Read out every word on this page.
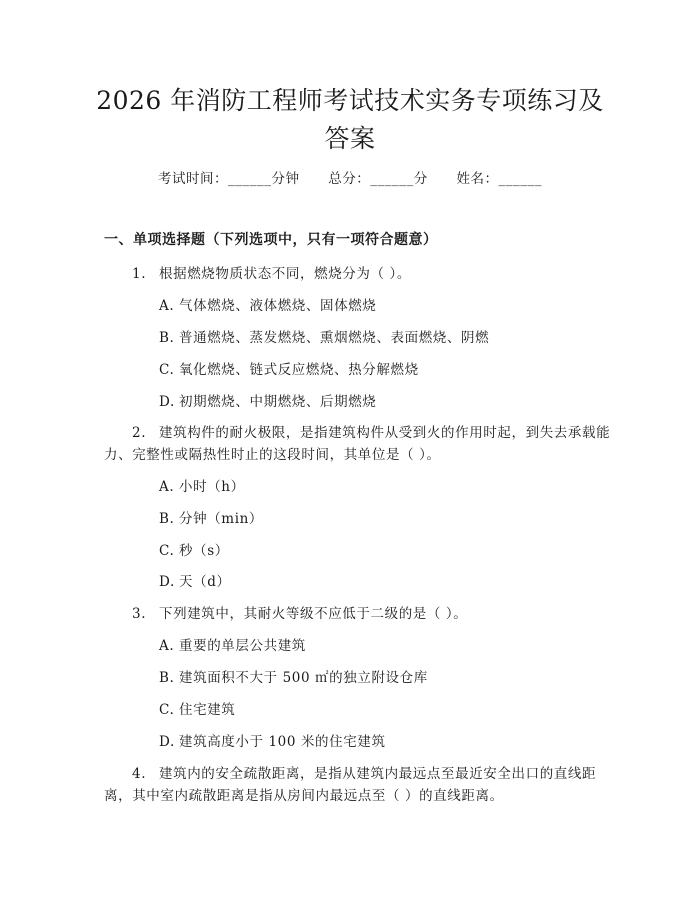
2026 年消防工程师考试技术实务专项练习及
答案
考试时间：______分钟 总分：______分 姓名：______
一、单项选择题（下列选项中，只有一项符合题意）
1. 根据燃烧物质状态不同，燃烧分为（ ）。
A. 气体燃烧、液体燃烧、固体燃烧
B. 普通燃烧、蒸发燃烧、熏烟燃烧、表面燃烧、阴燃
C. 氧化燃烧、链式反应燃烧、热分解燃烧
D. 初期燃烧、中期燃烧、后期燃烧
2. 建筑构件的耐火极限，是指建筑构件从受到火的作用时起，到失去承载能
力、完整性或隔热性时止的这段时间，其单位是（ ）。
A. 小时（h）
B. 分钟（min）
C. 秒（s）
D. 天（d）
3. 下列建筑中，其耐火等级不应低于二级的是（ ）。
A. 重要的单层公共建筑
B. 建筑面积不大于 500 ㎡的独立附设仓库
C. 住宅建筑
D. 建筑高度小于 100 米的住宅建筑
4. 建筑内的安全疏散距离，是指从建筑内最远点至最近安全出口的直线距
离，其中室内疏散距离是指从房间内最远点至（ ）的直线距离。
